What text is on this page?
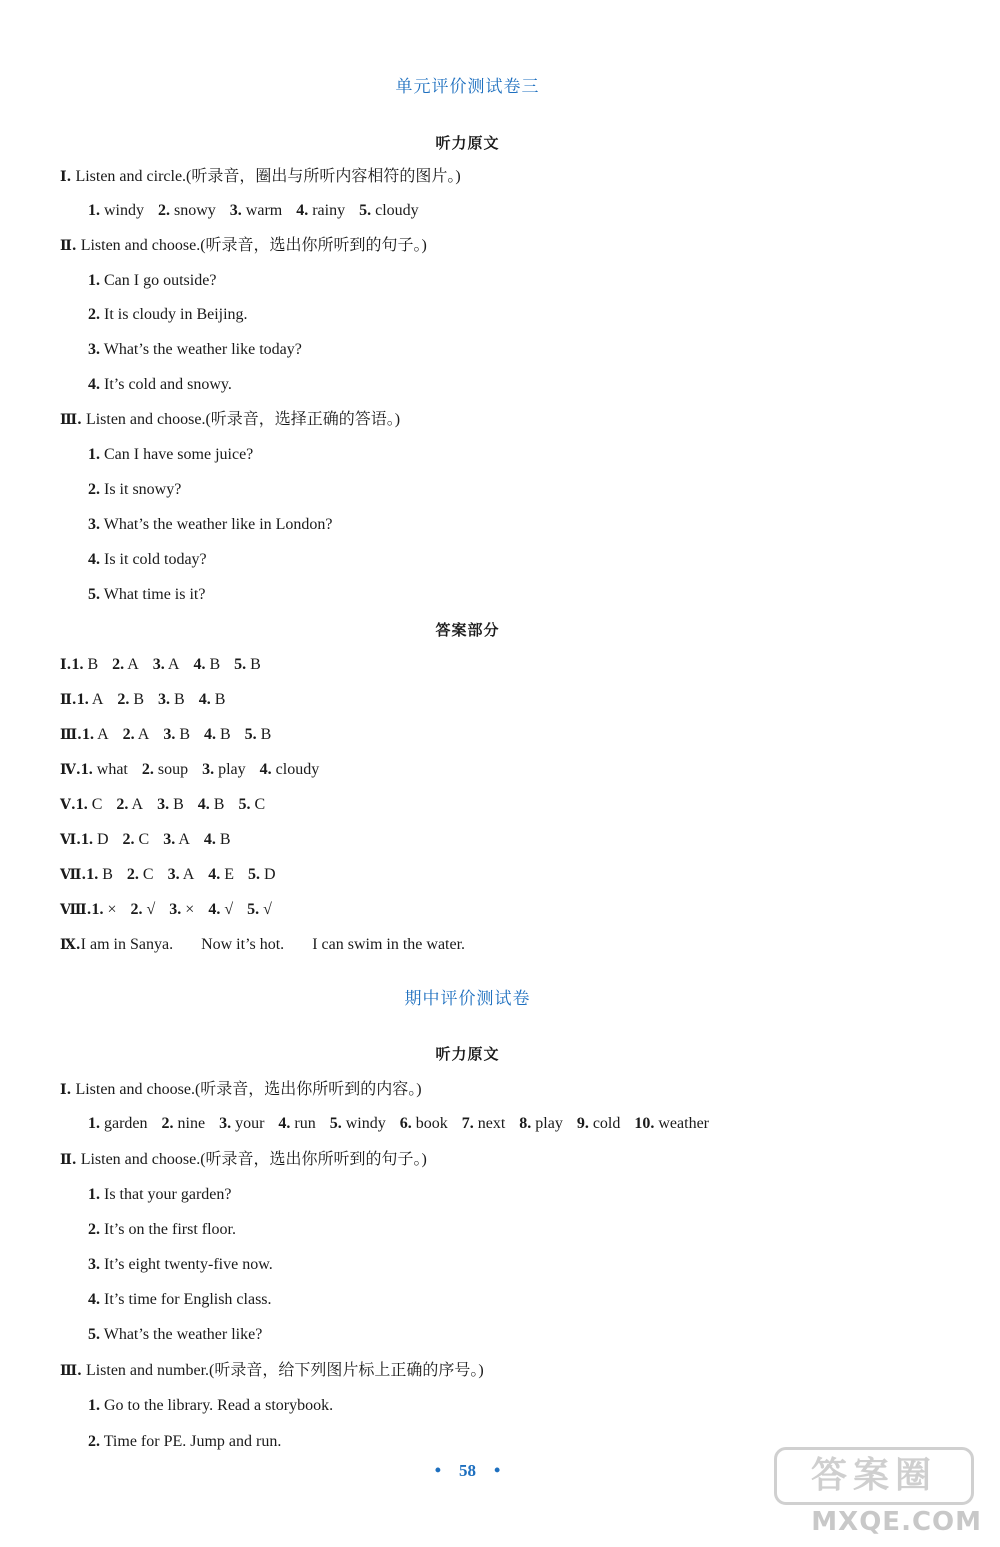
单元评价测试卷三
听力原文
Ⅰ. Listen and circle.(听录音，圈出与所听内容相符的图片。)
1. windy 2. snowy 3. warm 4. rainy 5. cloudy
Ⅱ. Listen and choose.(听录音，选出你所听到的句子。)
1. Can I go outside?
2. It is cloudy in Beijing.
3. What’s the weather like today?
4. It’s cold and snowy.
Ⅲ. Listen and choose.(听录音，选择正确的答语。)
1. Can I have some juice?
2. Is it snowy?
3. What’s the weather like in London?
4. Is it cold today?
5. What time is it?
答案部分
Ⅰ.1. B 2. A 3. A 4. B 5. B
Ⅱ.1. A 2. B 3. B 4. B
Ⅲ.1. A 2. A 3. B 4. B 5. B
Ⅳ.1. what 2. soup 3. play 4. cloudy
Ⅴ.1. C 2. A 3. B 4. B 5. C
Ⅵ.1. D 2. C 3. A 4. B
Ⅶ.1. B 2. C 3. A 4. E 5. D
Ⅷ.1. × 2. √ 3. × 4. √ 5. √
Ⅸ.I am in Sanya. Now it’s hot. I can swim in the water.
期中评价测试卷
听力原文
Ⅰ. Listen and choose.(听录音，选出你所听到的内容。)
1. garden 2. nine 3. your 4. run 5. windy 6. book 7. next 8. play 9. cold 10. weather
Ⅱ. Listen and choose.(听录音，选出你所听到的句子。)
1. Is that your garden?
2. It’s on the first floor.
3. It’s eight twenty-five now.
4. It’s time for English class.
5. What’s the weather like?
Ⅲ. Listen and number.(听录音，给下列图片标上正确的序号。)
1. Go to the library. Read a storybook.
2. Time for PE. Jump and run.
• 58 •	答案圈
MXQE.COM
